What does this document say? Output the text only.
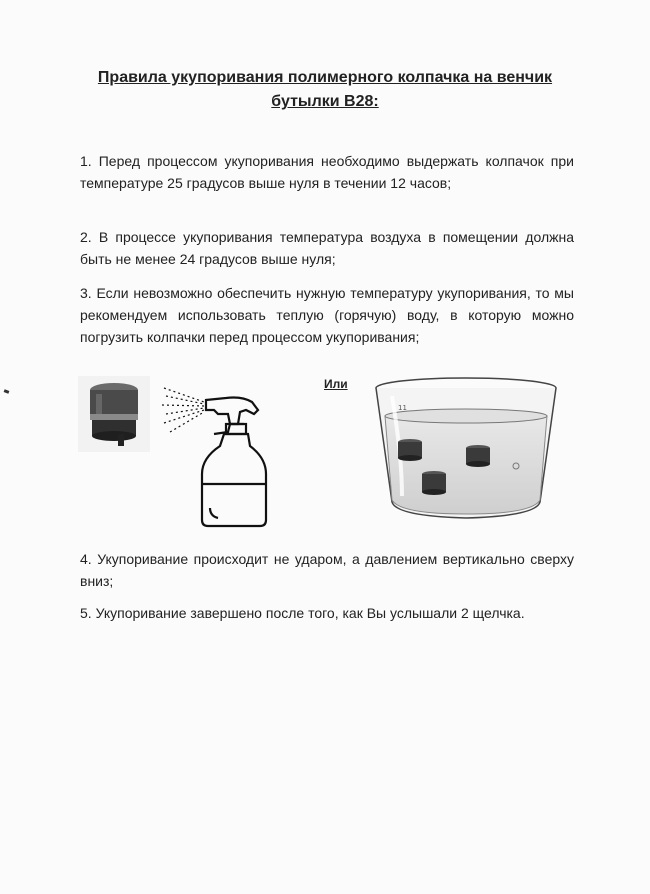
Правила укупоривания полимерного колпачка на венчик
бутылки B28:
1. Перед процессом укупоривания необходимо выдержать колпачок при температуре 25 градусов выше нуля в течении 12 часов;
2. В процессе укупоривания температура воздуха в помещении должна быть не менее 24 градусов выше нуля;
3. Если невозможно обеспечить нужную температуру укупоривания, то мы рекомендуем использовать теплую (горячую) воду, в которую можно погрузить колпачки перед процессом укупоривания;
Или
11
4. Укупоривание происходит не ударом, а давлением вертикально сверху вниз;
5. Укупоривание завершено после того, как Вы услышали 2 щелчка.
